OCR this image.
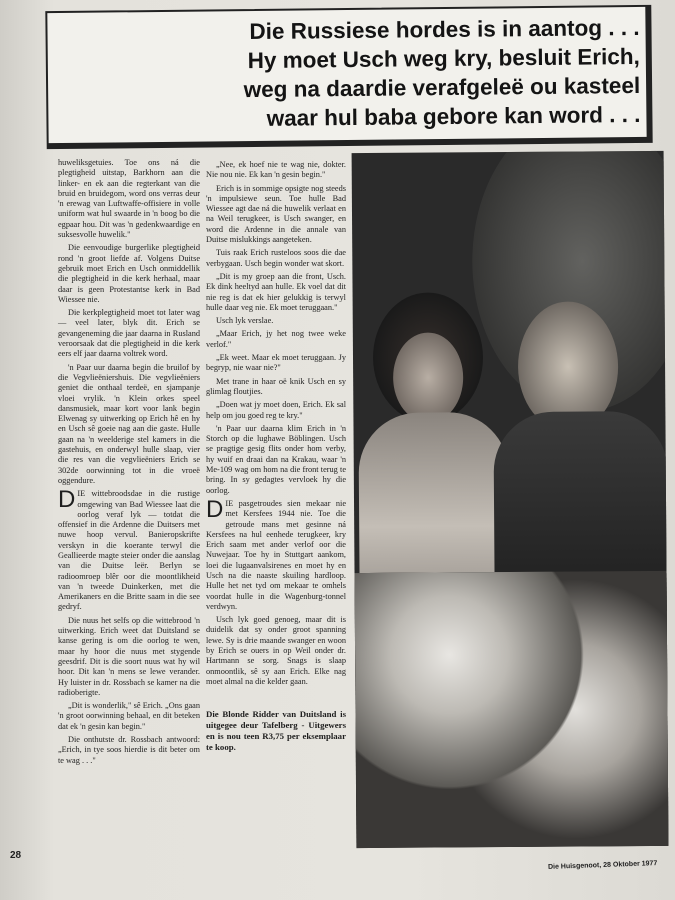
Die Russiese hordes is in aantog . . .
Hy moet Usch weg kry, besluit Erich,
weg na daardie verafgeleë ou kasteel
waar hul baba gebore kan word . . .

huweliksgetuies. Toe ons ná die plegtigheid uitstap, Barkhorn aan die linker- en ek aan die regterkant van die bruid en bruidegom, word ons verras deur 'n erewag van Luftwaffe-offisiere in volle uniform wat hul swaarde in 'n boog bo die egpaar hou. Dit was 'n gedenkwaardige en suksesvolle huwelik."

Die eenvoudige burgerlike plegtigheid rond 'n groot liefde af. Volgens Duitse gebruik moet Erich en Usch onmiddellik die plegtigheid in die kerk herhaal, maar daar is geen Protestantse kerk in Bad Wiessee nie.

Die kerkplegtigheid moet tot later wag — veel later, blyk dit. Erich se gevangeneming die jaar daarna in Rusland veroorsaak dat die plegtigheid in die kerk eers elf jaar daarna voltrek word.

'n Paar uur daarna begin die bruilof by die Vegvlieëniershuis. Die vegvlieëniers geniet die onthaal terdeë, en sjampanje vloei vrylik. 'n Klein orkes speel dansmusiek, maar kort voor lank begin Elwenag sy uitwerking op Erich hê en hy en Usch sê goeie nag aan die gaste. Hulle gaan na 'n weelderige stel kamers in die gastehuis, en onderwyl hulle slaap, vier die res van die vegvlieëniers Erich se 302de oorwinning tot in die vroeë oggendure.

DIE wittebroodsdae in die rustige omgewing van Bad Wiessee laat die oorlog veraf lyk — totdat die offensief in die Ardenne die Duitsers met nuwe hoop vervul. Banieropskrifte verskyn in die koerante terwyl die Geallieerde magte steier onder die aanslag van die Duitse leër. Berlyn se radioomroep blêr oor die moontlikheid van 'n tweede Duinkerken, met die Amerikaners en die Britte saam in die see gedryf.

Die nuus het selfs op die wittebrood 'n uitwerking. Erich weet dat Duitsland se kanse gering is om die oorlog te wen, maar hy hoor die nuus met stygende geesdrif. Dit is die soort nuus wat hy wil hoor. Dit kan 'n mens se lewe verander. Hy luister in dr. Rossbach se kamer na die radioberigte.

„Dit is wonderlik," sê Erich. „Ons gaan 'n groot oorwinning behaal, en dit beteken dat ek 'n gesin kan begin."

Die onthutste dr. Rossbach antwoord: „Erich, in tye soos hierdie is dit beter om te wag . . ."

„Nee, ek hoef nie te wag nie, dokter. Nie nou nie. Ek kan 'n gesin begin."

Erich is in sommige opsigte nog steeds 'n impulsiewe seun. Toe hulle Bad Wiessee agt dae ná die huwelik verlaat en na Weil terugkeer, is Usch swanger, en word die Ardenne in die annale van Duitse mislukkings aangeteken.

Tuis raak Erich rusteloos soos die dae verbygaan. Usch begin wonder wat skort.

„Dit is my groep aan die front, Usch. Ek dink heeltyd aan hulle. Ek voel dat dit nie reg is dat ek hier gelukkig is terwyl hulle daar veg nie. Ek moet teruggaan."

Usch lyk verslae.

„Maar Erich, jy het nog twee weke verlof."

„Ek weet. Maar ek moet teruggaan. Jy begryp, nie waar nie?"

Met trane in haar oë knik Usch en sy glimlag floutjies.

„Doen wat jy moet doen, Erich. Ek sal help om jou goed reg te kry."

'n Paar uur daarna klim Erich in 'n Storch op die lughawe Böblingen. Usch se pragtige gesig flits onder hom verby, hy wuif en draai dan na Krakau, waar 'n Me-109 wag om hom na die front terug te bring. In sy gedagtes vervloek hy die oorlog.

DIE pasgetroudes sien mekaar nie met Kersfees 1944 nie. Toe die getroude mans met gesinne ná Kersfees na hul eenhede terugkeer, kry Erich saam met ander verlof oor die Nuwejaar. Toe hy in Stuttgart aankom, loei die lugaanvalsirenes en moet hy en Usch na die naaste skuiling hardloop. Hulle het net tyd om mekaar te omhels voordat hulle in die Wagenburg-tonnel verdwyn.

Usch lyk goed genoeg, maar dit is duidelik dat sy onder groot spanning lewe. Sy is drie maande swanger en woon by Erich se ouers in op Weil onder dr. Hartmann se sorg. Snags is slaap onmoontlik, sê sy aan Erich. Elke nag moet almal na die kelder gaan.

Die Blonde Ridder van Duitsland is uitgegee deur Tafelberg - Uitgewers en is nou teen R3,75 per eksemplaar te koop.
28
Die Huisgenoot, 28 Oktober 1977
